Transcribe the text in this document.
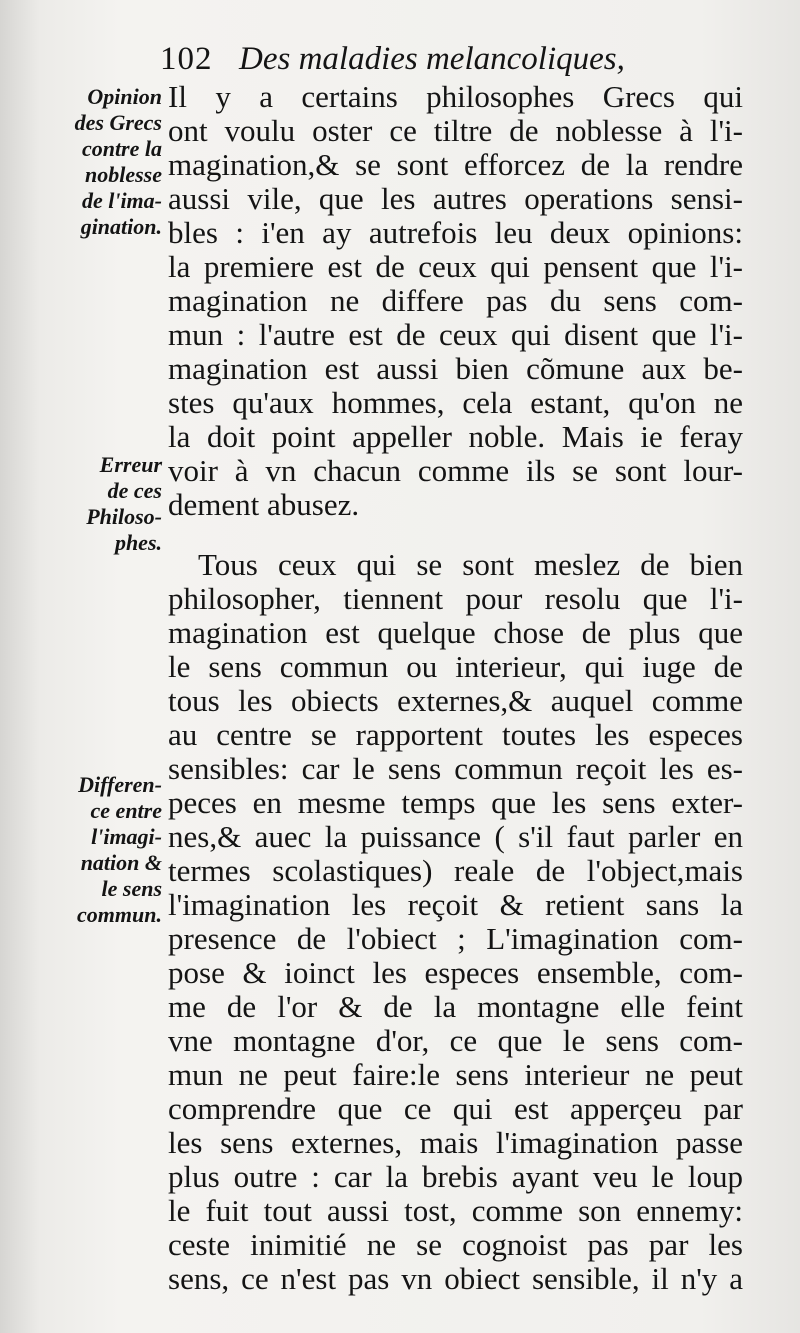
102 Des maladies melancoliques,
Opinion
des Grecs
contre la
noblesse
de l'ima-
gination.
Erreur
de ces
Philoso-
phes.
Differen-
ce entre
l'imagi-
nation &
le sens
commun.
Il y a certains philosophes Grecs qui
ont voulu oster ce tiltre de noblesse à l'i-
magination,& se sont efforcez de la rendre
aussi vile, que les autres operations sensi-
bles : i'en ay autrefois leu deux opinions:
la premiere est de ceux qui pensent que l'i-
magination ne differe pas du sens com-
mun : l'autre est de ceux qui disent que l'i-
magination est aussi bien cõmune aux be-
stes qu'aux hommes, cela estant, qu'on ne
la doit point appeller noble. Mais ie feray
voir à vn chacun comme ils se sont lour-
dement abusez.
Tous ceux qui se sont meslez de bien
philosopher, tiennent pour resolu que l'i-
magination est quelque chose de plus que
le sens commun ou interieur, qui iuge de
tous les obiects externes,& auquel comme
au centre se rapportent toutes les especes
sensibles: car le sens commun reçoit les es-
peces en mesme temps que les sens exter-
nes,& auec la puissance ( s'il faut parler en
termes scolastiques) reale de l'object,mais
l'imagination les reçoit & retient sans la
presence de l'obiect ; L'imagination com-
pose & ioinct les especes ensemble, com-
me de l'or & de la montagne elle feint
vne montagne d'or, ce que le sens com-
mun ne peut faire:le sens interieur ne peut
comprendre que ce qui est apperçeu par
les sens externes, mais l'imagination passe
plus outre : car la brebis ayant veu le loup
le fuit tout aussi tost, comme son ennemy:
ceste inimitié ne se cognoist pas par les
sens, ce n'est pas vn obiect sensible, il n'y a
